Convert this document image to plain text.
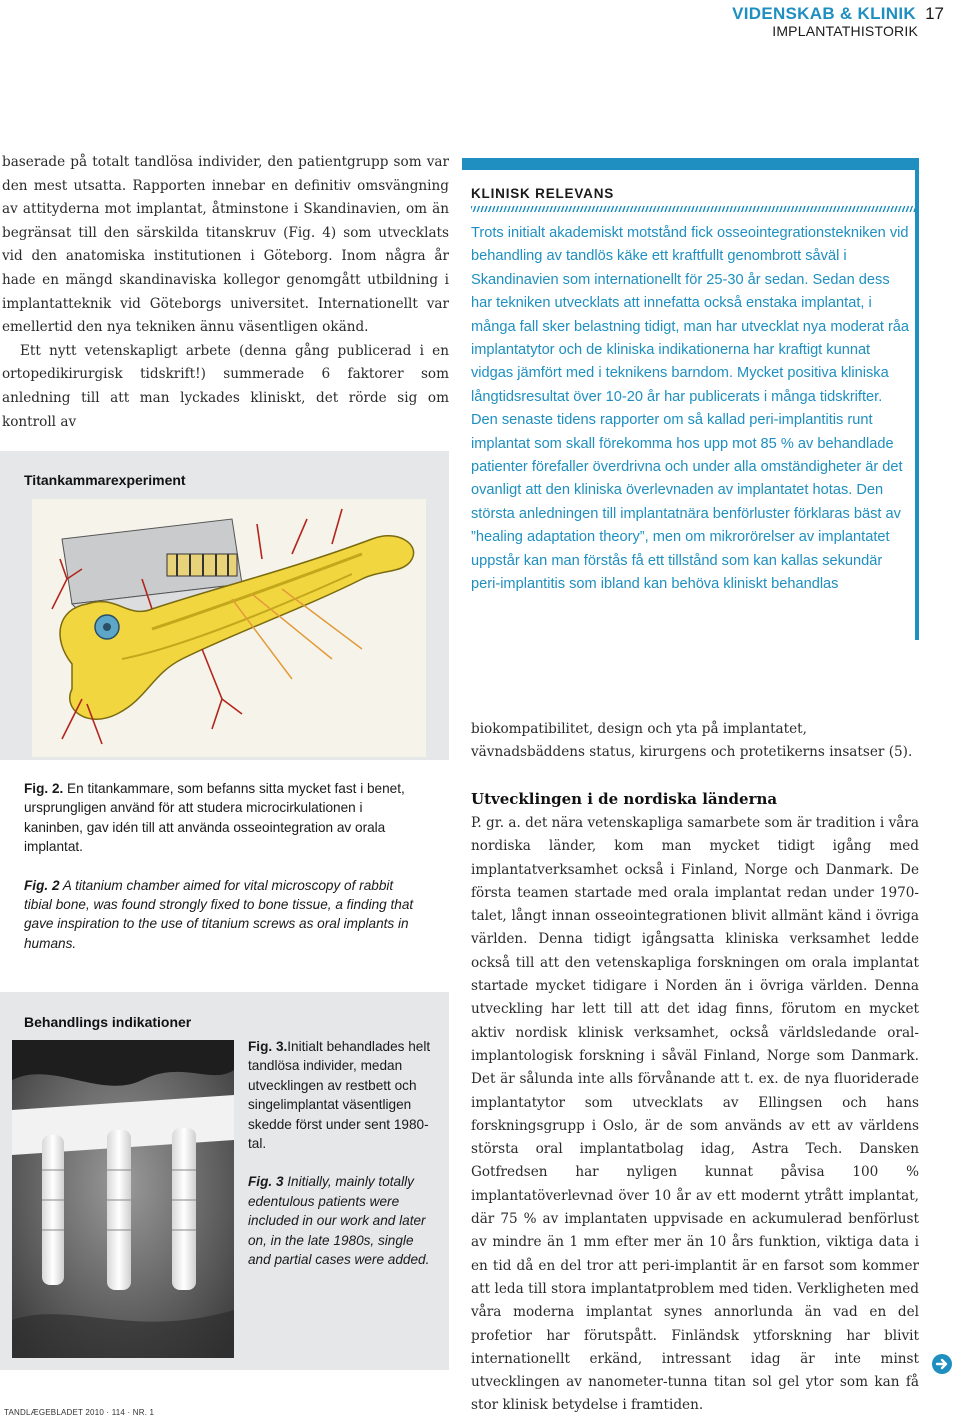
VIDENSKAB & KLINIK 17
IMPLANTATHISTORIK

baserade på totalt tandlösa individer, den patientgrupp som var den mest utsatta. Rapporten innebar en definitiv omsvängning av attityderna mot implantat, åtminstone i Skandinavien, om än begränsat till den särskilda titanskruv (Fig. 4) som utvecklats vid den anatomiska institutionen i Göteborg. Inom några år hade en mängd skandinaviska kollegor genomgått utbildning i implantatteknik vid Göteborgs universitet. Internationellt var emellertid den nya tekniken ännu väsentligen okänd.

Ett nytt vetenskapligt arbete (denna gång publicerad i en ortopedikirurgisk tidskrift!) summerade 6 faktorer som anledning till att man lyckades kliniskt, det rörde sig om kontroll av

KLINISK RELEVANS

Trots initialt akademiskt motstånd fick osseointegrationstekniken vid behandling av tandlös käke ett kraftfullt genombrott såväl i Skandinavien som internationellt för 25-30 år sedan. Sedan dess har tekniken utvecklats att innefatta också enstaka implantat, i många fall sker belastning tidigt, man har utvecklat nya moderat råa implantatytor och de kliniska indikationerna har kraftigt kunnat vidgas jämfört med i teknikens barndom. Mycket positiva kliniska långtidsresultat över 10-20 år har publicerats i många tidskrifter. Den senaste tidens rapporter om så kallad peri-implantitis runt implantat som skall förekomma hos upp mot 85 % av behandlade patienter förefaller överdrivna och under alla omständigheter är det ovanligt att den kliniska överlevnaden av implantatet hotas. Den största anledningen till implantatnära benförluster förklaras bäst av ”healing adaptation theory”, men om mikrorörelser av implantatet uppstår kan man förstås få ett tillstånd som kan kallas sekundär peri-implantitis som ibland kan behöva kliniskt behandlas

Titankammarexperiment

Fig. 2. En titankammare, som befanns sitta mycket fast i benet, ursprungligen använd för att studera microcirkulationen i kaninben, gav idén till att använda osseointegration av orala implantat.

Fig. 2 A titanium chamber aimed for vital microscopy of rabbit tibial bone, was found strongly fixed to bone tissue, a finding that gave inspiration to the use of titanium screws as oral implants in humans.

Behandlings indikationer

Fig. 3.Initialt behandlades helt tandlösa individer, medan utvecklingen av restbett och singelimplantat väsentligen skedde först under sent 1980-tal.

Fig. 3 Initially, mainly totally edentulous patients were included in our work and later on, in the late 1980s, single and partial cases were added.

biokompatibilitet, design och yta på implantatet, vävnadsbäddens status, kirurgens och protetikerns insatser (5).

Utvecklingen i de nordiska länderna

P. gr. a. det nära vetenskapliga samarbete som är tradition i våra nordiska länder, kom man mycket tidigt igång med implantatverksamhet också i Finland, Norge och Danmark. De första teamen startade med orala implantat redan under 1970-talet, långt innan osseointegrationen blivit allmänt känd i övriga världen. Denna tidigt igångsatta kliniska verksamhet ledde också till att den vetenskapliga forskningen om orala implantat startade mycket tidigare i Norden än i övriga världen. Denna utveckling har lett till att det idag finns, förutom en mycket aktiv nordisk klinisk verksamhet, också världsledande oral-implantologisk forskning i såväl Finland, Norge som Danmark. Det är sålunda inte alls förvånande att t. ex. de nya fluoriderade implantatytor som utvecklats av Ellingsen och hans forskningsgrupp i Oslo, är de som används av ett av världens största oral implantatbolag idag, Astra Tech. Dansken Gotfredsen har nyligen kunnat påvisa 100 % implantatöverlevnad över 10 år av ett modernt ytrått implantat, där 75 % av implantaten uppvisade en ackumulerad benförlust av mindre än 1 mm efter mer än 10 års funktion, viktiga data i en tid då en del tror att peri-implantit är en farsot som kommer att leda till stora implantatproblem med tiden. Verkligheten med våra moderna implantat synes annorlunda än vad en del profetior har förutspått. Finländsk ytforskning har blivit internationellt erkänd, intressant idag är inte minst utvecklingen av nanometer-tunna titan sol gel ytor som kan få stor klinisk betydelse i framtiden.

TANDLÆGEBLADET 2010 · 114 · NR. 1
